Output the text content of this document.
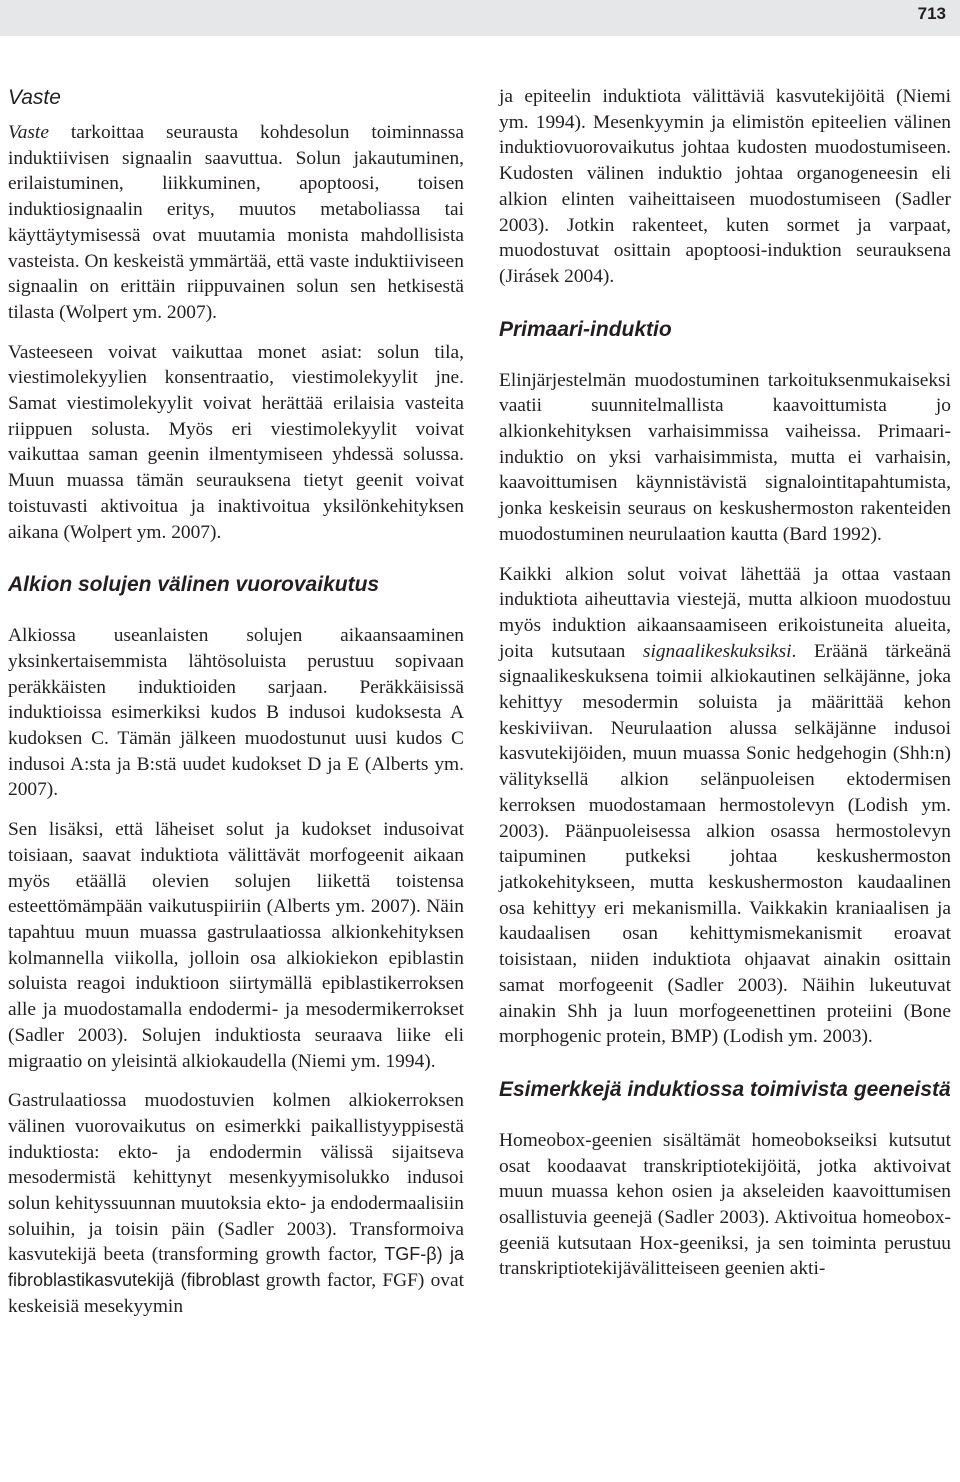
713
Vaste

Vaste tarkoittaa seurausta kohdesolun toiminnassa induktiivisen signaalin saavuttua. Solun jakautuminen, erilaistuminen, liikkuminen, apoptoosi, toisen induktiosignaalin eritys, muutos metaboliassa tai käyttäytymisessä ovat muutamia monista mahdollisista vasteista. On keskeistä ymmärtää, että vaste induktiiviseen signaalin on erittäin riippuvainen solun sen hetkisestä tilasta (Wolpert ym. 2007).

Vasteeseen voivat vaikuttaa monet asiat: solun tila, viestimolekyylien konsentraatio, viestimolekyylit jne. Samat viestimolekyylit voivat herättää erilaisia vasteita riippuen solusta. Myös eri viestimolekyylit voivat vaikuttaa saman geenin ilmentymiseen yhdessä solussa. Muun muassa tämän seurauksena tietyt geenit voivat toistuvasti aktivoitua ja inaktivoitua yksilönkehityksen aikana (Wolpert ym. 2007).

Alkion solujen välinen vuorovaikutus

Alkiossa useanlaisten solujen aikaansaaminen yksinkertaisemmista lähtösoluista perustuu sopivaan peräkkäisten induktioiden sarjaan. Peräkkäisissä induktioissa esimerkiksi kudos B indusoi kudoksesta A kudoksen C. Tämän jälkeen muodostunut uusi kudos C indusoi A:sta ja B:stä uudet kudokset D ja E (Alberts ym. 2007).

Sen lisäksi, että läheiset solut ja kudokset indusoivat toisiaan, saavat induktiota välittävät morfogeenit aikaan myös etäällä olevien solujen liikettä toistensa esteettömämpään vaikutuspiiriin (Alberts ym. 2007). Näin tapahtuu muun muassa gastrulaatiossa alkionkehityksen kolmannella viikolla, jolloin osa alkiokiekon epiblastin soluista reagoi induktioon siirtymällä epiblastikerroksen alle ja muodostamalla endodermi- ja mesodermikerrokset (Sadler 2003). Solujen induktiosta seuraava liike eli migraatio on yleisintä alkiokaudella (Niemi ym. 1994).

Gastrulaatiossa muodostuvien kolmen alkiokerroksen välinen vuorovaikutus on esimerkki paikallistyyppisestä induktiosta: ekto- ja endodermin välissä sijaitseva mesodermistä kehittynyt mesenkyymisolukko indusoi solun kehityssuunnan muutoksia ekto- ja endodermaalisiin soluihin, ja toisin päin (Sadler 2003). Transformoiva kasvutekijä beeta (transforming growth factor, TGF-β) ja fibroblastikasvutekijä (fibroblast growth factor, FGF) ovat keskeisiä mesekyymin

ja epiteelin induktiota välittäviä kasvutekijöitä (Niemi ym. 1994). Mesenkyymin ja elimistön epiteelien välinen induktiovuorovaikutus johtaa kudosten muodostumiseen. Kudosten välinen induktio johtaa organogeneesin eli alkion elinten vaiheittaiseen muodostumiseen (Sadler 2003). Jotkin rakenteet, kuten sormet ja varpaat, muodostuvat osittain apoptoosi-induktion seurauksena (Jirásek 2004).

Primaari-induktio

Elinjärjestelmän muodostuminen tarkoituksenmukaiseksi vaatii suunnitelmallista kaavoittumista jo alkionkehityksen varhaisimmissa vaiheissa. Primaari-induktio on yksi varhaisimmista, mutta ei varhaisin, kaavoittumisen käynnistävistä signalointitapahtumista, jonka keskeisin seuraus on keskushermoston rakenteiden muodostuminen neurulaation kautta (Bard 1992).

Kaikki alkion solut voivat lähettää ja ottaa vastaan induktiota aiheuttavia viestejä, mutta alkioon muodostuu myös induktion aikaansaamiseen erikoistuneita alueita, joita kutsutaan signaalikeskuksiksi. Eräänä tärkeänä signaalikeskuksena toimii alkiokautinen selkäjänne, joka kehittyy mesodermin soluista ja määrittää kehon keskiviivan. Neurulaation alussa selkäjänne indusoi kasvutekijöiden, muun muassa Sonic hedgehogin (Shh:n) välityksellä alkion selänpuoleisen ektodermisen kerroksen muodostamaan hermostolevyn (Lodish ym. 2003). Päänpuoleisessa alkion osassa hermostolevyn taipuminen putkeksi johtaa keskushermoston jatkokehitykseen, mutta keskushermoston kaudaalinen osa kehittyy eri mekanismilla. Vaikkakin kraniaalisen ja kaudaalisen osan kehittymismekanismit eroavat toisistaan, niiden induktiota ohjaavat ainakin osittain samat morfogeenit (Sadler 2003). Näihin lukeutuvat ainakin Shh ja luun morfogeenettinen proteiini (Bone morphogenic protein, BMP) (Lodish ym. 2003).

Esimerkkejä induktiossa toimivista geeneistä

Homeobox-geenien sisältämät homeobokseiksi kutsutut osat koodaavat transkriptiotekijöitä, jotka aktivoivat muun muassa kehon osien ja akseleiden kaavoittumisen osallistuvia geenejä (Sadler 2003). Aktivoitua homeobox-geeniä kutsutaan Hox-geeniksi, ja sen toiminta perustuu transkriptiotekijävälitteiseen geenien akti-
